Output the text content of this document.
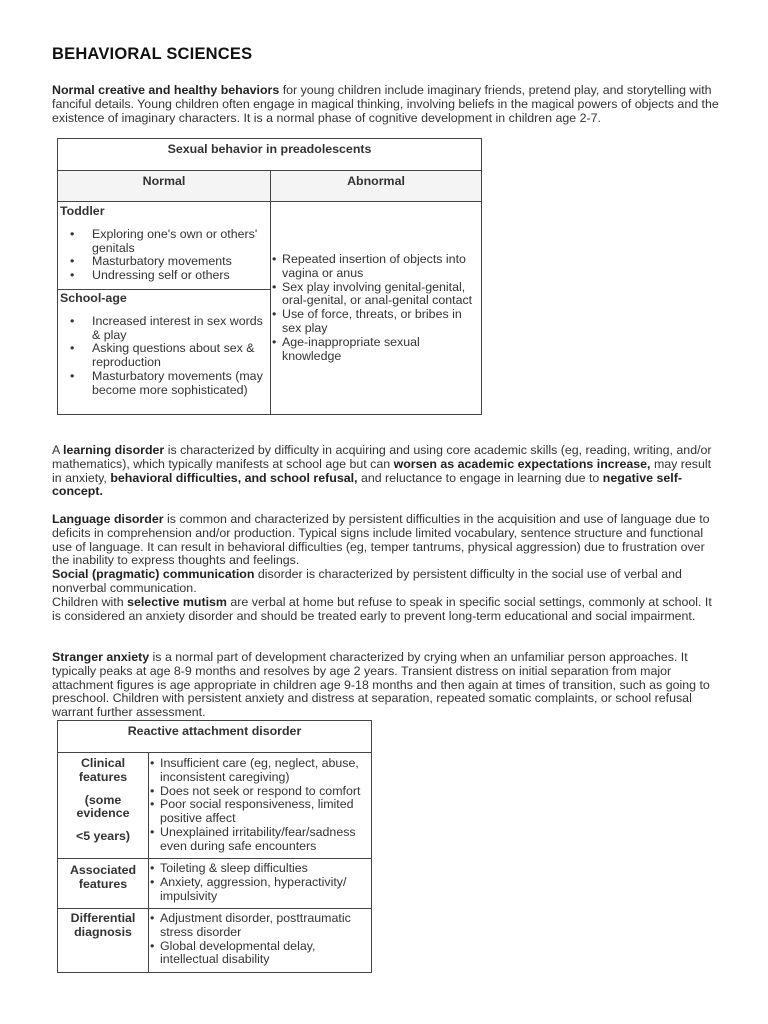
BEHAVIORAL SCIENCES

Normal creative and healthy behaviors for young children include imaginary friends, pretend play, and storytelling with fanciful details. Young children often engage in magical thinking, involving beliefs in the magical powers of objects and the existence of imaginary characters. It is a normal phase of cognitive development in children age 2-7.

Sexual behavior in preadolescents
Normal	Abnormal
Toddler
• Exploring one's own or others' genitals
• Masturbatory movements
• Undressing self or others
School-age
• Increased interest in sex words & play
• Asking questions about sex & reproduction
• Masturbatory movements (may become more sophisticated)
• Repeated insertion of objects into vagina or anus
• Sex play involving genital-genital, oral-genital, or anal-genital contact
• Use of force, threats, or bribes in sex play
• Age-inappropriate sexual knowledge

A learning disorder is characterized by difficulty in acquiring and using core academic skills (eg, reading, writing, and/or mathematics), which typically manifests at school age but can worsen as academic expectations increase, may result in anxiety, behavioral difficulties, and school refusal, and reluctance to engage in learning due to negative self-concept.

Language disorder is common and characterized by persistent difficulties in the acquisition and use of language due to deficits in comprehension and/or production. Typical signs include limited vocabulary, sentence structure and functional use of language. It can result in behavioral difficulties (eg, temper tantrums, physical aggression) due to frustration over the inability to express thoughts and feelings.
Social (pragmatic) communication disorder is characterized by persistent difficulty in the social use of verbal and nonverbal communication.
Children with selective mutism are verbal at home but refuse to speak in specific social settings, commonly at school. It is considered an anxiety disorder and should be treated early to prevent long-term educational and social impairment.

Stranger anxiety is a normal part of development characterized by crying when an unfamiliar person approaches. It typically peaks at age 8-9 months and resolves by age 2 years. Transient distress on initial separation from major attachment figures is age appropriate in children age 9-18 months and then again at times of transition, such as going to preschool. Children with persistent anxiety and distress at separation, repeated somatic complaints, or school refusal warrant further assessment.

Reactive attachment disorder

Clinical features

(some evidence

<5 years)

• Insufficient care (eg, neglect, abuse, inconsistent caregiving)
• Does not seek or respond to comfort
• Poor social responsiveness, limited positive affect
• Unexplained irritability/fear/sadness even during safe encounters
Associated features
• Toileting & sleep difficulties
• Anxiety, aggression, hyperactivity/ impulsivity
Differential diagnosis
• Adjustment disorder, posttraumatic stress disorder
• Global developmental delay, intellectual disability
